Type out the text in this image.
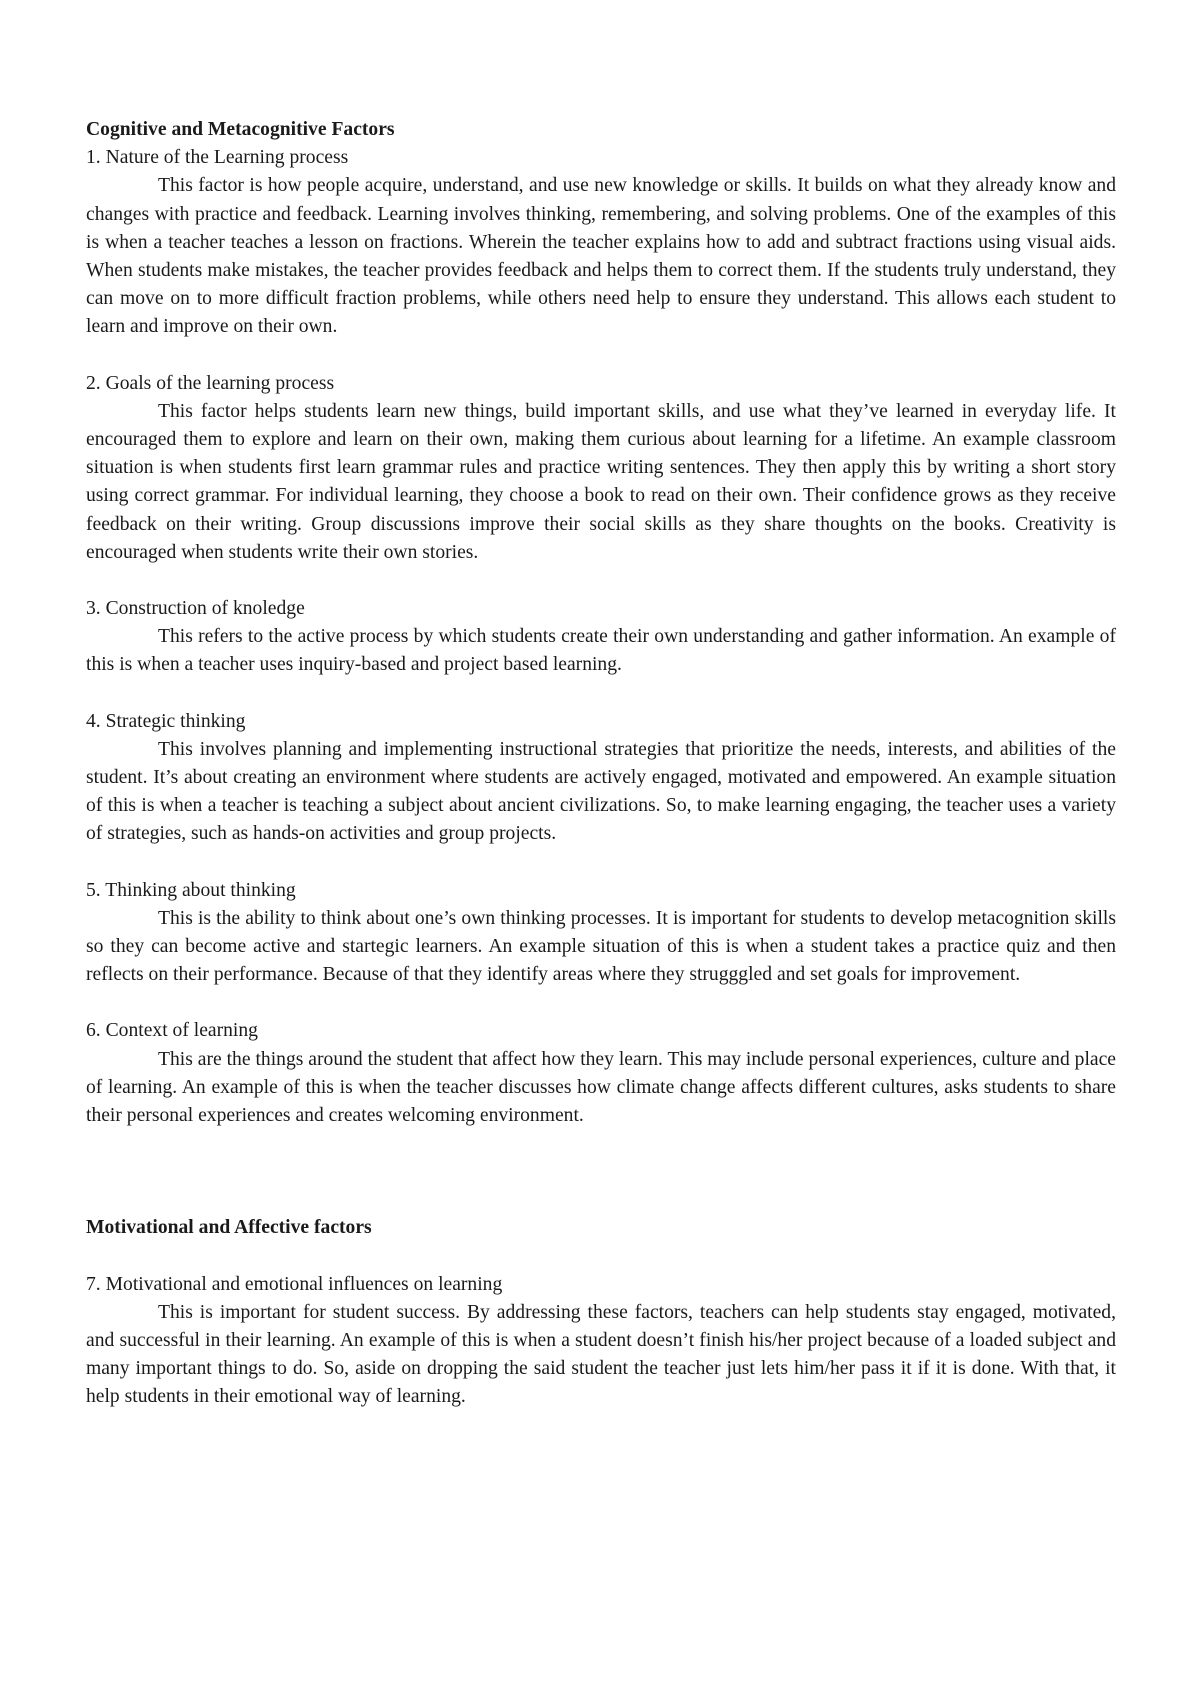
Cognitive and Metacognitive Factors

1. Nature of the Learning process

This factor is how people acquire, understand, and use new knowledge or skills. It builds on what they already know and changes with practice and feedback. Learning involves thinking, remembering, and solving problems. One of the examples of this is when a teacher teaches a lesson on fractions. Wherein the teacher explains how to add and subtract fractions using visual aids. When students make mistakes, the teacher provides feedback and helps them to correct them. If the students truly understand, they can move on to more difficult fraction problems, while others need help to ensure they understand. This allows each student to learn and improve on their own.

2. Goals of the learning process

This factor helps students learn new things, build important skills, and use what they’ve learned in everyday life. It encouraged them to explore and learn on their own, making them curious about learning for a lifetime. An example classroom situation is when students first learn grammar rules and practice writing sentences. They then apply this by writing a short story using correct grammar. For individual learning, they choose a book to read on their own. Their confidence grows as they receive feedback on their writing. Group discussions improve their social skills as they share thoughts on the books. Creativity is encouraged when students write their own stories.

3. Construction of knoledge

This refers to the active process by which students create their own understanding and gather information. An example of this is when a teacher uses inquiry-based and project based learning.

4. Strategic thinking

This involves planning and implementing instructional strategies that prioritize the needs, interests, and abilities of the student. It’s about creating an environment where students are actively engaged, motivated and empowered. An example situation of this is when a teacher is teaching a subject about ancient civilizations. So, to make learning engaging, the teacher uses a variety of strategies, such as hands-on activities and group projects.

5. Thinking about thinking

This is the ability to think about one’s own thinking processes. It is important for students to develop metacognition skills so they can become active and startegic learners. An example situation of this is when a student takes a practice quiz and then reflects on their performance. Because of that they identify areas where they strugggled and set goals for improvement.

6. Context of learning

This are the things around the student that affect how they learn. This may include personal experiences, culture and place of learning. An example of this is when the teacher discusses how climate change affects different cultures, asks students to share their personal experiences and creates welcoming environment.

Motivational and Affective factors

7. Motivational and emotional influences on learning

This is important for student success. By addressing these factors, teachers can help students stay engaged, motivated, and successful in their learning. An example of this is when a student doesn’t finish his/her project because of a loaded subject and many important things to do. So, aside on dropping the said student the teacher just lets him/her pass it if it is done. With that, it help students in their emotional way of learning.
